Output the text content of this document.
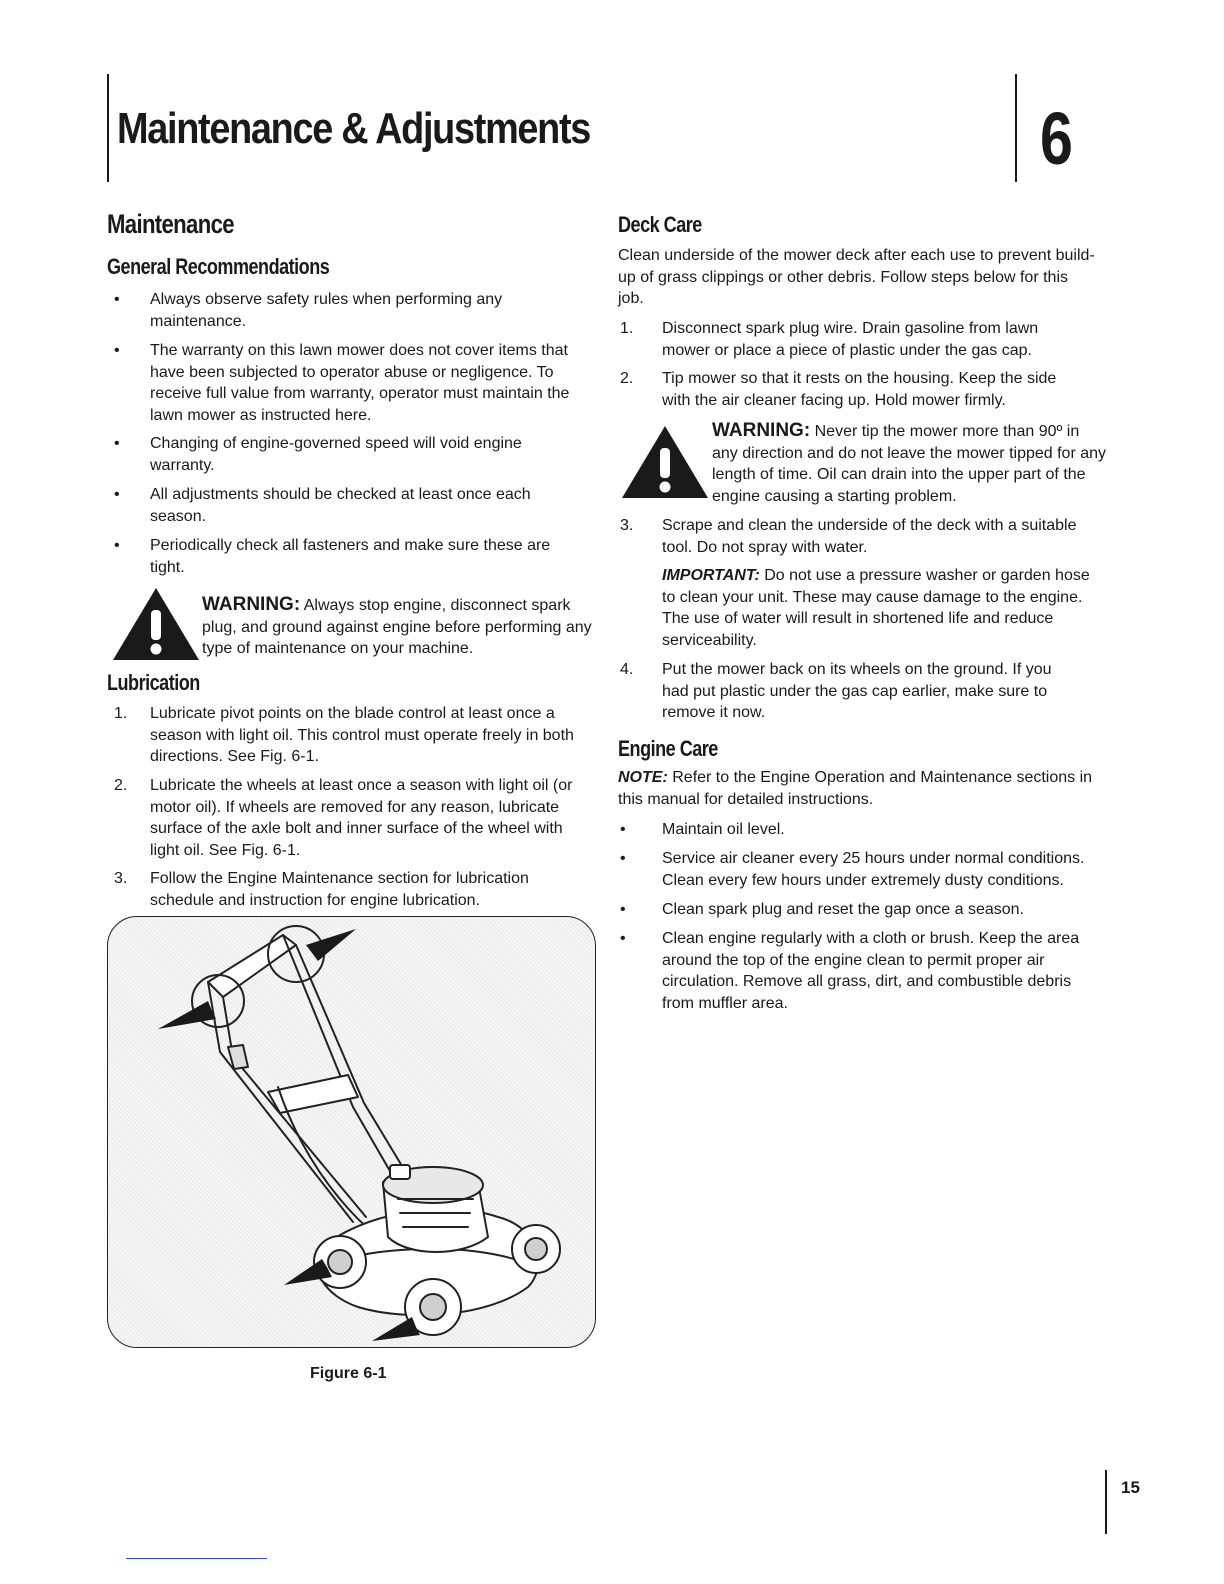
Maintenance & Adjustments	6
Maintenance
General Recommendations
• Always observe safety rules when performing any maintenance.
• The warranty on this lawn mower does not cover items that have been subjected to operator abuse or negligence. To receive full value from warranty, operator must maintain the lawn mower as instructed here.
• Changing of engine-governed speed will void engine warranty.
• All adjustments should be checked at least once each season.
• Periodically check all fasteners and make sure these are tight.
WARNING: Always stop engine, disconnect spark plug, and ground against engine before performing any type of maintenance on your machine.
Lubrication
1. Lubricate pivot points on the blade control at least once a season with light oil. This control must operate freely in both directions. See Fig. 6-1.
2. Lubricate the wheels at least once a season with light oil (or motor oil). If wheels are removed for any reason, lubricate surface of the axle bolt and inner surface of the wheel with light oil. See Fig. 6-1.
3. Follow the Engine Maintenance section for lubrication schedule and instruction for engine lubrication.
Figure 6-1
Deck Care
Clean underside of the mower deck after each use to prevent build-up of grass clippings or other debris. Follow steps below for this job.
1. Disconnect spark plug wire. Drain gasoline from lawn mower or place a piece of plastic under the gas cap.
2. Tip mower so that it rests on the housing. Keep the side with the air cleaner facing up. Hold mower firmly.
WARNING: Never tip the mower more than 90º in any direction and do not leave the mower tipped for any length of time. Oil can drain into the upper part of the engine causing a starting problem.
3. Scrape and clean the underside of the deck with a suitable tool. Do not spray with water.
IMPORTANT: Do not use a pressure washer or garden hose to clean your unit. These may cause damage to the engine. The use of water will result in shortened life and reduce serviceability.
4. Put the mower back on its wheels on the ground. If you had put plastic under the gas cap earlier, make sure to remove it now.
Engine Care
NOTE: Refer to the Engine Operation and Maintenance sections in this manual for detailed instructions.
• Maintain oil level.
• Service air cleaner every 25 hours under normal conditions. Clean every few hours under extremely dusty conditions.
• Clean spark plug and reset the gap once a season.
• Clean engine regularly with a cloth or brush. Keep the area around the top of the engine clean to permit proper air circulation. Remove all grass, dirt, and combustible debris from muffler area.
15
